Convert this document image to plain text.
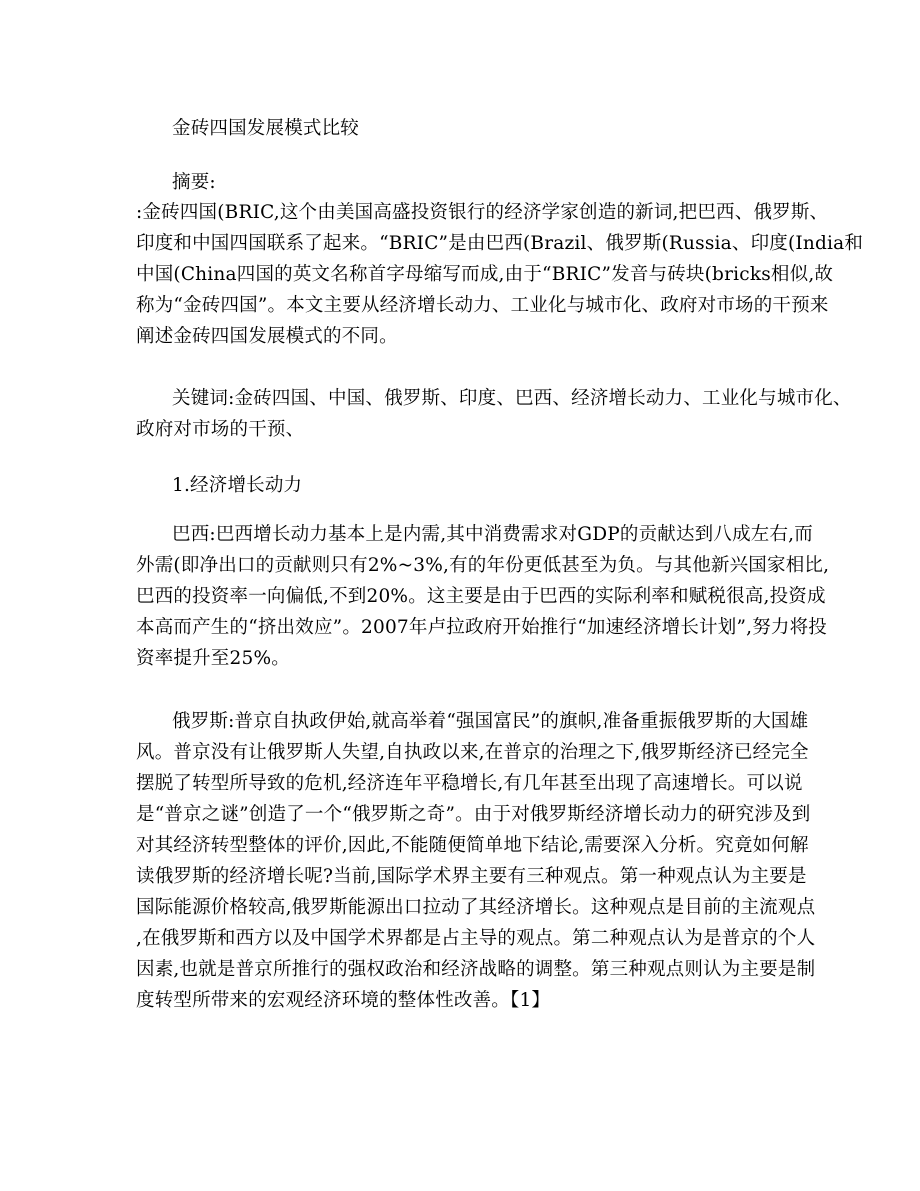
金砖四国发展模式比较
摘要:
:金砖四国(BRIC,这个由美国高盛投资银行的经济学家创造的新词,把巴西、俄罗斯、
印度和中国四国联系了起来。“BRIC”是由巴西(Brazil、俄罗斯(Russia、印度(India和
中国(China四国的英文名称首字母缩写而成,由于“BRIC”发音与砖块(bricks相似,故
称为“金砖四国”。本文主要从经济增长动力、工业化与城市化、政府对市场的干预来
阐述金砖四国发展模式的不同。
关键词:金砖四国、中国、俄罗斯、印度、巴西、经济增长动力、工业化与城市化、
政府对市场的干预、
1.经济增长动力
巴西:巴西增长动力基本上是内需,其中消费需求对GDP的贡献达到八成左右,而
外需(即净出口的贡献则只有2%~3%,有的年份更低甚至为负。与其他新兴国家相比,
巴西的投资率一向偏低,不到20%。这主要是由于巴西的实际利率和赋税很高,投资成
本高而产生的“挤出效应”。2007年卢拉政府开始推行“加速经济增长计划”,努力将投
资率提升至25%。
俄罗斯:普京自执政伊始,就高举着“强国富民”的旗帜,准备重振俄罗斯的大国雄
风。普京没有让俄罗斯人失望,自执政以来,在普京的治理之下,俄罗斯经济已经完全
摆脱了转型所导致的危机,经济连年平稳增长,有几年甚至出现了高速增长。可以说
是“普京之谜”创造了一个“俄罗斯之奇”。由于对俄罗斯经济增长动力的研究涉及到
对其经济转型整体的评价,因此,不能随便简单地下结论,需要深入分析。究竟如何解
读俄罗斯的经济增长呢?当前,国际学术界主要有三种观点。第一种观点认为主要是
国际能源价格较高,俄罗斯能源出口拉动了其经济增长。这种观点是目前的主流观点
,在俄罗斯和西方以及中国学术界都是占主导的观点。第二种观点认为是普京的个人
因素,也就是普京所推行的强权政治和经济战略的调整。第三种观点则认为主要是制
度转型所带来的宏观经济环境的整体性改善。【1】
